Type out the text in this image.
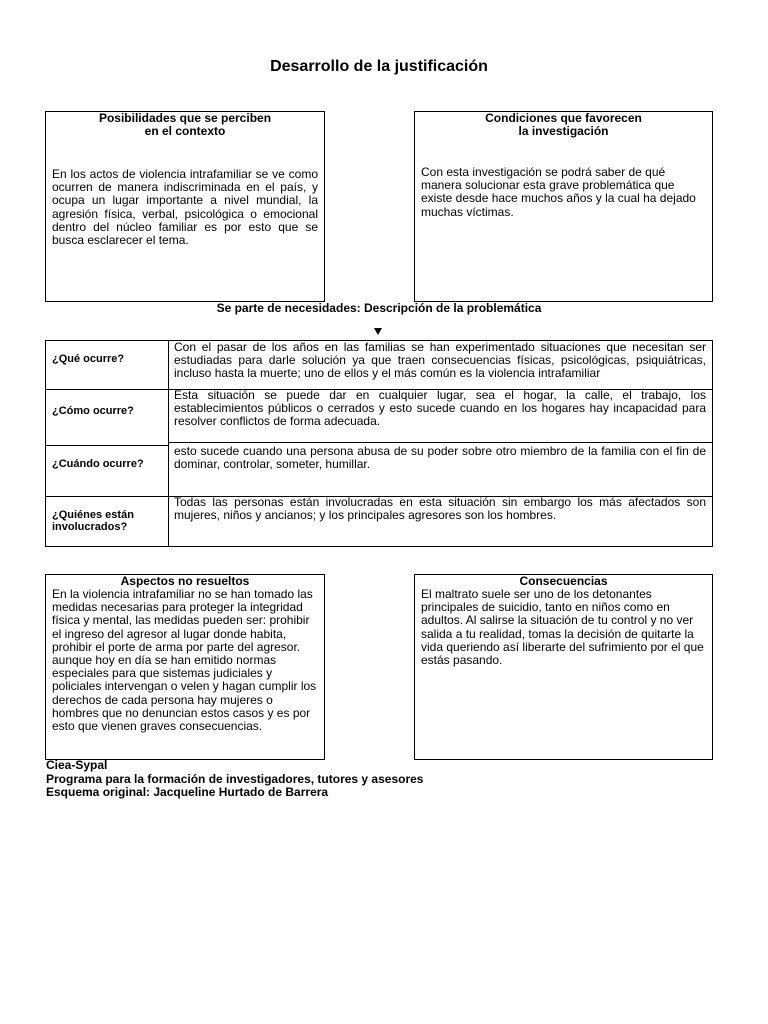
Desarrollo de la justificación
Posibilidades que se perciben
en el contexto
En los actos de violencia intrafamiliar se ve como ocurren de manera indiscriminada en el país, y ocupa un lugar importante a nivel mundial, la agresión física, verbal, psicológica o emocional dentro del núcleo familiar es por esto que se busca esclarecer el tema.
Condiciones que favorecen
la investigación
Con esta investigación se podrá saber de qué manera solucionar esta grave problemática que existe desde hace muchos años y la cual ha dejado muchas víctimas.
Se parte de necesidades: Descripción de la problemática
¿Qué ocurre?
Con el pasar de los años en las familias se han experimentado situaciones que necesitan ser estudiadas para darle solución ya que traen consecuencias físicas, psicológicas, psiquiátricas, incluso hasta la muerte; uno de ellos y el más común es la violencia intrafamiliar
¿Cómo ocurre?
Esta situación se puede dar en cualquier lugar, sea el hogar, la calle, el trabajo, los establecimientos públicos o cerrados y esto sucede cuando en los hogares hay incapacidad para resolver conflictos de forma adecuada.
¿Cuándo ocurre?
esto sucede cuando una persona abusa de su poder sobre otro miembro de la familia con el fin de dominar, controlar, someter, humillar.
¿Quiénes están involucrados?
Todas las personas están involucradas en esta situación sin embargo los más afectados son mujeres, niños y ancianos; y los principales agresores son los hombres.
Aspectos no resueltos
En la violencia intrafamiliar no se han tomado las medidas necesarias para proteger la integridad física y mental, las medidas pueden ser: prohibir el ingreso del agresor al lugar donde habita, prohibir el porte de arma por parte del agresor. aunque hoy en día se han emitido normas especiales para que sistemas judiciales y policiales intervengan o velen y hagan cumplir los derechos de cada persona hay mujeres o hombres que no denuncian estos casos y es por esto que vienen graves consecuencias.
Consecuencias
El maltrato suele ser uno de los detonantes principales de suicidio, tanto en niños como en adultos. Al salirse la situación de tu control y no ver salida a tu realidad, tomas la decisión de quitarte la vida queriendo así liberarte del sufrimiento por el que estás pasando.
Ciea-Sypal
Programa para la formación de investigadores, tutores y asesores
Esquema original: Jacqueline Hurtado de Barrera
